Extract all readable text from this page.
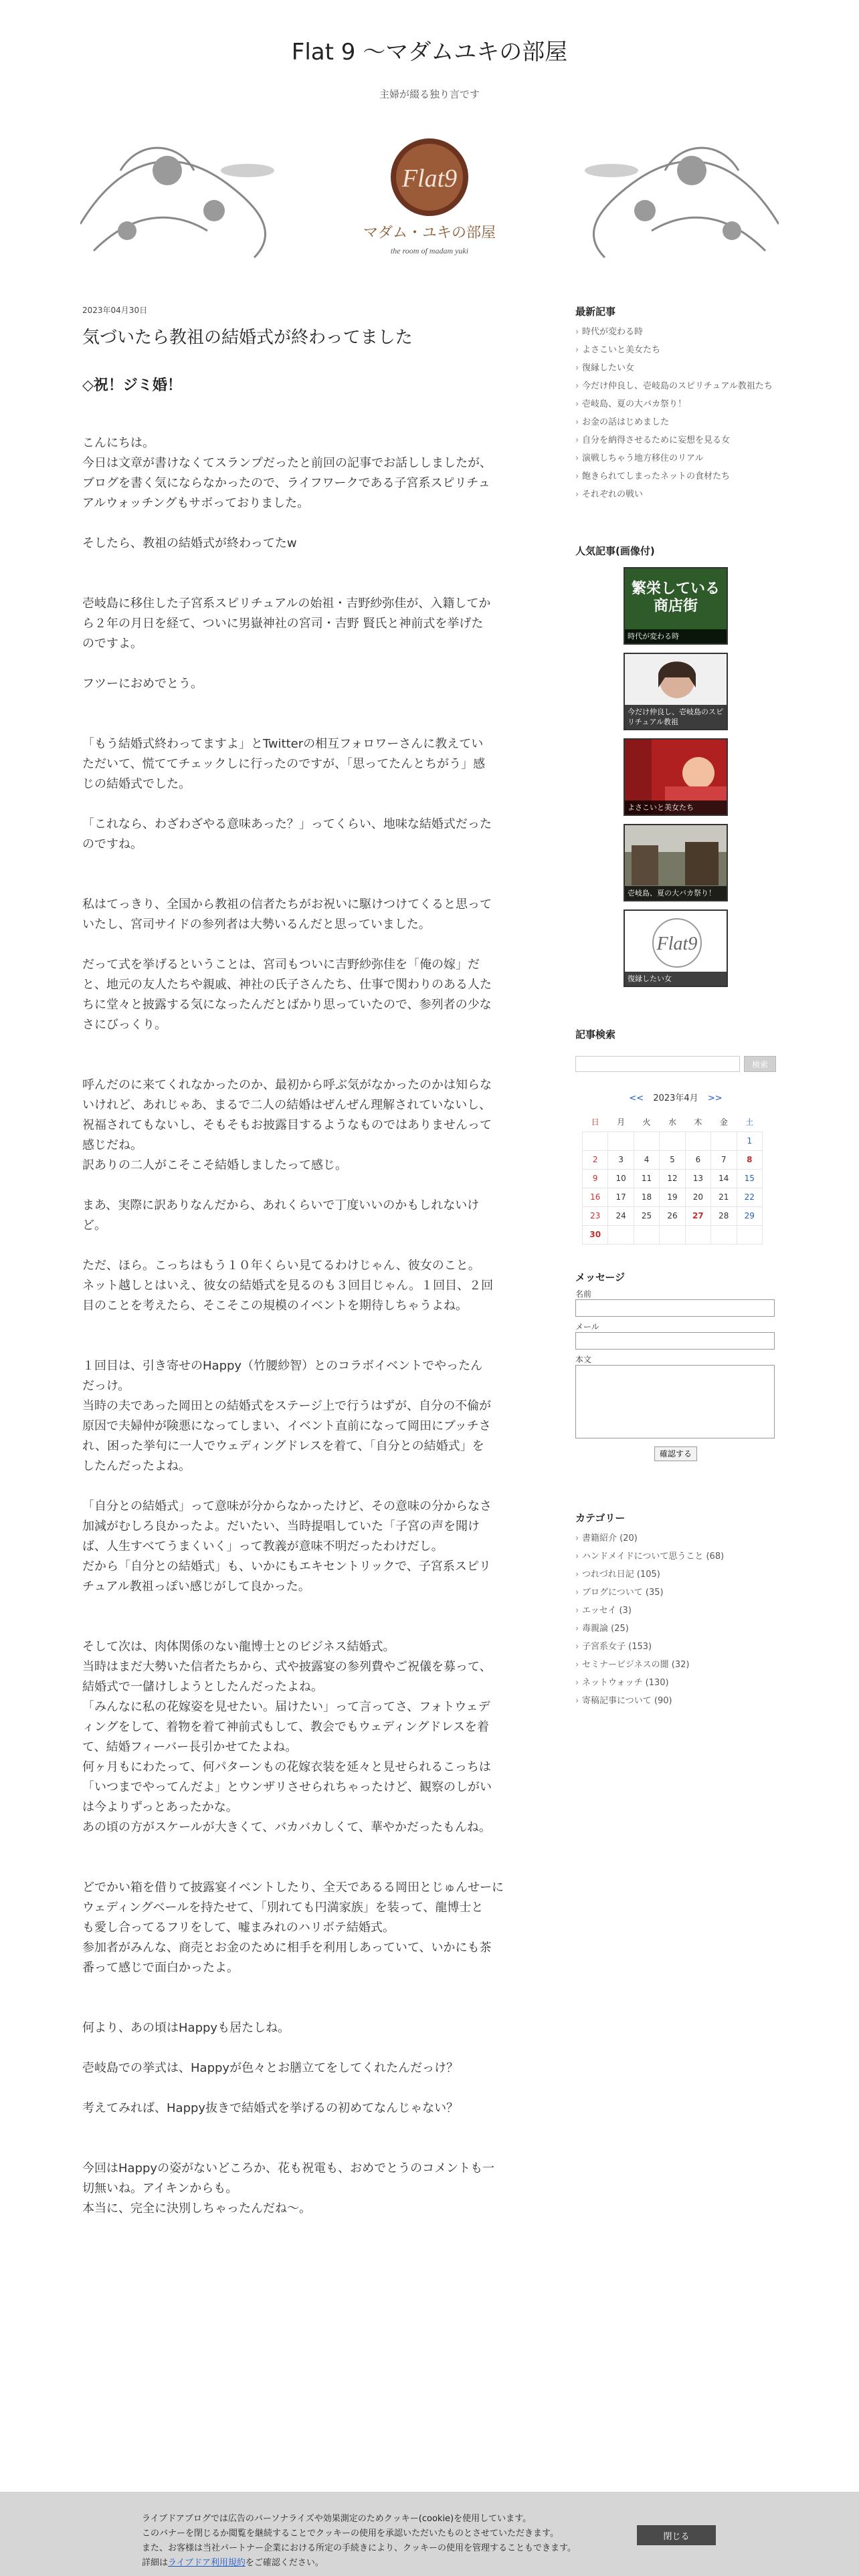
Flat 9 〜マダムユキの部屋
主婦が綴る独り言です
Flat9
マダム・ユキの部屋
the room of madam yuki
2023年04月30日
気づいたら教祖の結婚式が終わってました
◇祝！ジミ婚！

こんにちは。
今日は文章が書けなくてスランプだったと前回の記事でお話ししましたが、
ブログを書く気にならなかったので、ライフワークである子宮系スピリチュ
アルウォッチングもサボっておりました。

そしたら、教祖の結婚式が終わってたw

壱岐島に移住した子宮系スピリチュアルの始祖・吉野紗弥佳が、入籍してか
ら２年の月日を経て、ついに男嶽神社の宮司・吉野 賢氏と神前式を挙げた
のですよ。

フツーにおめでとう。

「もう結婚式終わってますよ」とTwitterの相互フォロワーさんに教えてい
ただいて、慌ててチェックしに行ったのですが、「思ってたんとちがう」感
じの結婚式でした。

「これなら、わざわざやる意味あった？」ってくらい、地味な結婚式だった
のですね。

私はてっきり、全国から教祖の信者たちがお祝いに駆けつけてくると思って
いたし、宮司サイドの参列者は大勢いるんだと思っていました。

だって式を挙げるということは、宮司もついに吉野紗弥佳を「俺の嫁」だ
と、地元の友人たちや親戚、神社の氏子さんたち、仕事で関わりのある人た
ちに堂々と披露する気になったんだとばかり思っていたので、参列者の少な
さにびっくり。

呼んだのに来てくれなかったのか、最初から呼ぶ気がなかったのかは知らな
いけれど、あれじゃあ、まるで二人の結婚はぜんぜん理解されていないし、
祝福されてもないし、そもそもお披露目するようなものではありませんって
感じだね。
訳ありの二人がこそこそ結婚しましたって感じ。

まあ、実際に訳ありなんだから、あれくらいで丁度いいのかもしれないけ
ど。

ただ、ほら。こっちはもう１０年くらい見てるわけじゃん、彼女のこと。
ネット越しとはいえ、彼女の結婚式を見るのも３回目じゃん。１回目、２回
目のことを考えたら、そこそこの規模のイベントを期待しちゃうよね。

１回目は、引き寄せのHappy（竹腰紗智）とのコラボイベントでやったん
だっけ。
当時の夫であった岡田との結婚式をステージ上で行うはずが、自分の不倫が
原因で夫婦仲が険悪になってしまい、イベント直前になって岡田にブッチさ
れ、困った挙句に一人でウェディングドレスを着て、「自分との結婚式」を
したんだったよね。

「自分との結婚式」って意味が分からなかったけど、その意味の分からなさ
加減がむしろ良かったよ。だいたい、当時提唱していた「子宮の声を聞け
ば、人生すべてうまくいく」って教義が意味不明だったわけだし。
だから「自分との結婚式」も、いかにもエキセントリックで、子宮系スピリ
チュアル教祖っぽい感じがして良かった。

そして次は、肉体関係のない龍博士とのビジネス結婚式。
当時はまだ大勢いた信者たちから、式や披露宴の参列費やご祝儀を募って、
結婚式で一儲けしようとしたんだったよね。
「みんなに私の花嫁姿を見せたい。届けたい」って言ってさ、フォトウェデ
ィングをして、着物を着て神前式もして、教会でもウェディングドレスを着
て、結婚フィーバー長引かせてたよね。
何ヶ月もにわたって、何パターンもの花嫁衣装を延々と見せられるこっちは
「いつまでやってんだよ」とウンザリさせられちゃったけど、観察のしがい
は今よりずっとあったかな。
あの頃の方がスケールが大きくて、バカバカしくて、華やかだったもんね。

どでかい箱を借りて披露宴イベントしたり、全天であるる岡田とじゅんせーに
ウェディングベールを持たせて、「別れても円満家族」を装って、龍博士と
も愛し合ってるフリをして、嘘まみれのハリボテ結婚式。
参加者がみんな、商売とお金のために相手を利用しあっていて、いかにも茶
番って感じで面白かったよ。

何より、あの頃はHappyも居たしね。

壱岐島での挙式は、Happyが色々とお膳立てをしてくれたんだっけ？

考えてみれば、Happy抜きで結婚式を挙げるの初めてなんじゃない？

今回はHappyの姿がないどころか、花も祝電も、おめでとうのコメントも一
切無いね。アイキンからも。
本当に、完全に決別しちゃったんだね〜。

最新記事
› 時代が変わる時
› よさこいと美女たち
› 復縁したい女
› 今だけ仲良し、壱岐島のスピリチュアル教祖たち
› 壱岐島、夏の大バカ祭り！
› お金の話はじめました
› 自分を納得させるために妄想を見る女
› 演戦しちゃう地方移住のリアル
› 飽きられてしまったネットの食材たち
› それぞれの戦い
人気記事(画像付)
繁栄している商店街
時代が変わる時
今だけ仲良し、壱岐島のスピリチュアル教祖
よさこいと美女たち
壱岐島、夏の大バカ祭り！
Flat9
復縁したい女
記事検索
検索
<< 2023年4月 >>
日	月	火	水	木	金	土
						1
2	3	4	5	6	7	8
9	10	11	12	13	14	15
16	17	18	19	20	21	22
23	24	25	26	27	28	29
30						
メッセージ
名前
メール
本文
確認する
カテゴリー
› 書籍紹介 (20)
› ハンドメイドについて思うこと (68)
› つれづれ日記 (105)
› ブログについて (35)
› エッセイ (3)
› 毒親論 (25)
› 子宮系女子 (153)
› セミナービジネスの闇 (32)
› ネットウォッチ (130)
› 寄稿記事について (90)
ライブドアブログでは広告のパーソナライズや効果測定のためクッキー(cookie)を使用しています。
このバナーを閉じるか閲覧を継続することでクッキーの使用を承認いただいたものとさせていただきます。
また、お客様は当社パートナー企業における所定の手続きにより、クッキーの使用を管理することもできます。
詳細はライブドア利用規約をご確認ください。
閉じる
